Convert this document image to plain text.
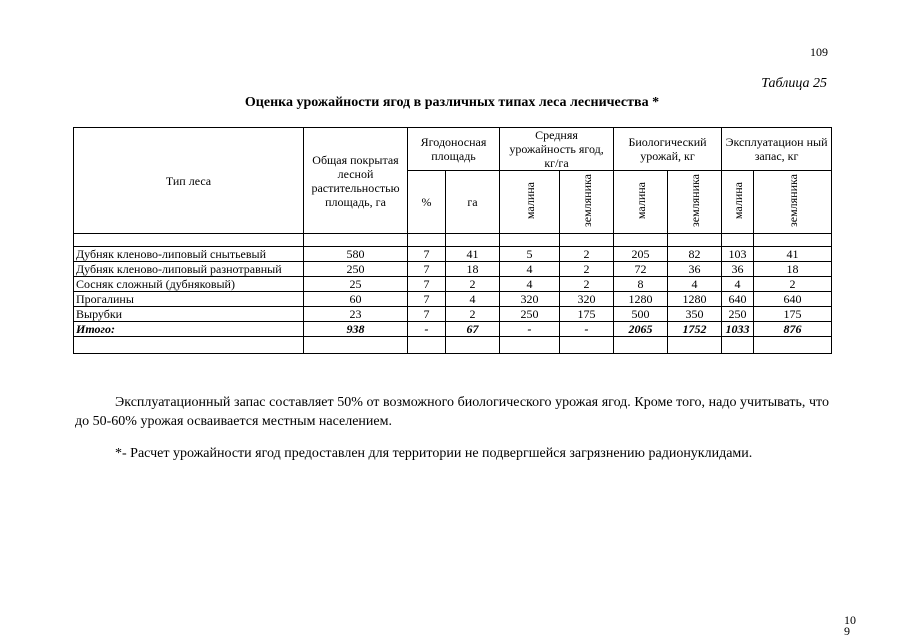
109
Таблица 25
Оценка урожайности ягод в различных типах леса лесничества *
Тип леса	Общая покрытая лесной растительностью площадь, га	Ягодоносная площадь		Средняя урожайность ягод, кг/га		Биологический урожай, кг		Эксплуатацион ный запас, кг	
		%	га	малина	земляника	малина	земляника	малина	земляника

Дубняк кленово-липовый снытьевый	580	7	41	5	2	205	82	103	41
Дубняк кленово-липовый разнотравный	250	7	18	4	2	72	36	36	18
Сосняк сложный (дубняковый)	25	7	2	4	2	8	4	4	2
Прогалины	60	7	4	320	320	1280	1280	640	640
Вырубки	23	7	2	250	175	500	350	250	175
Итого:	938	-	67	-	-	2065	1752	1033	876

Эксплуатационный запас составляет 50% от возможного биологического урожая ягод. Кроме того, надо учитывать, что до 50-60% урожая осваивается местным населением.
*- Расчет урожайности ягод предоставлен для территории не подвергшейся загрязнению радионуклидами.
109
